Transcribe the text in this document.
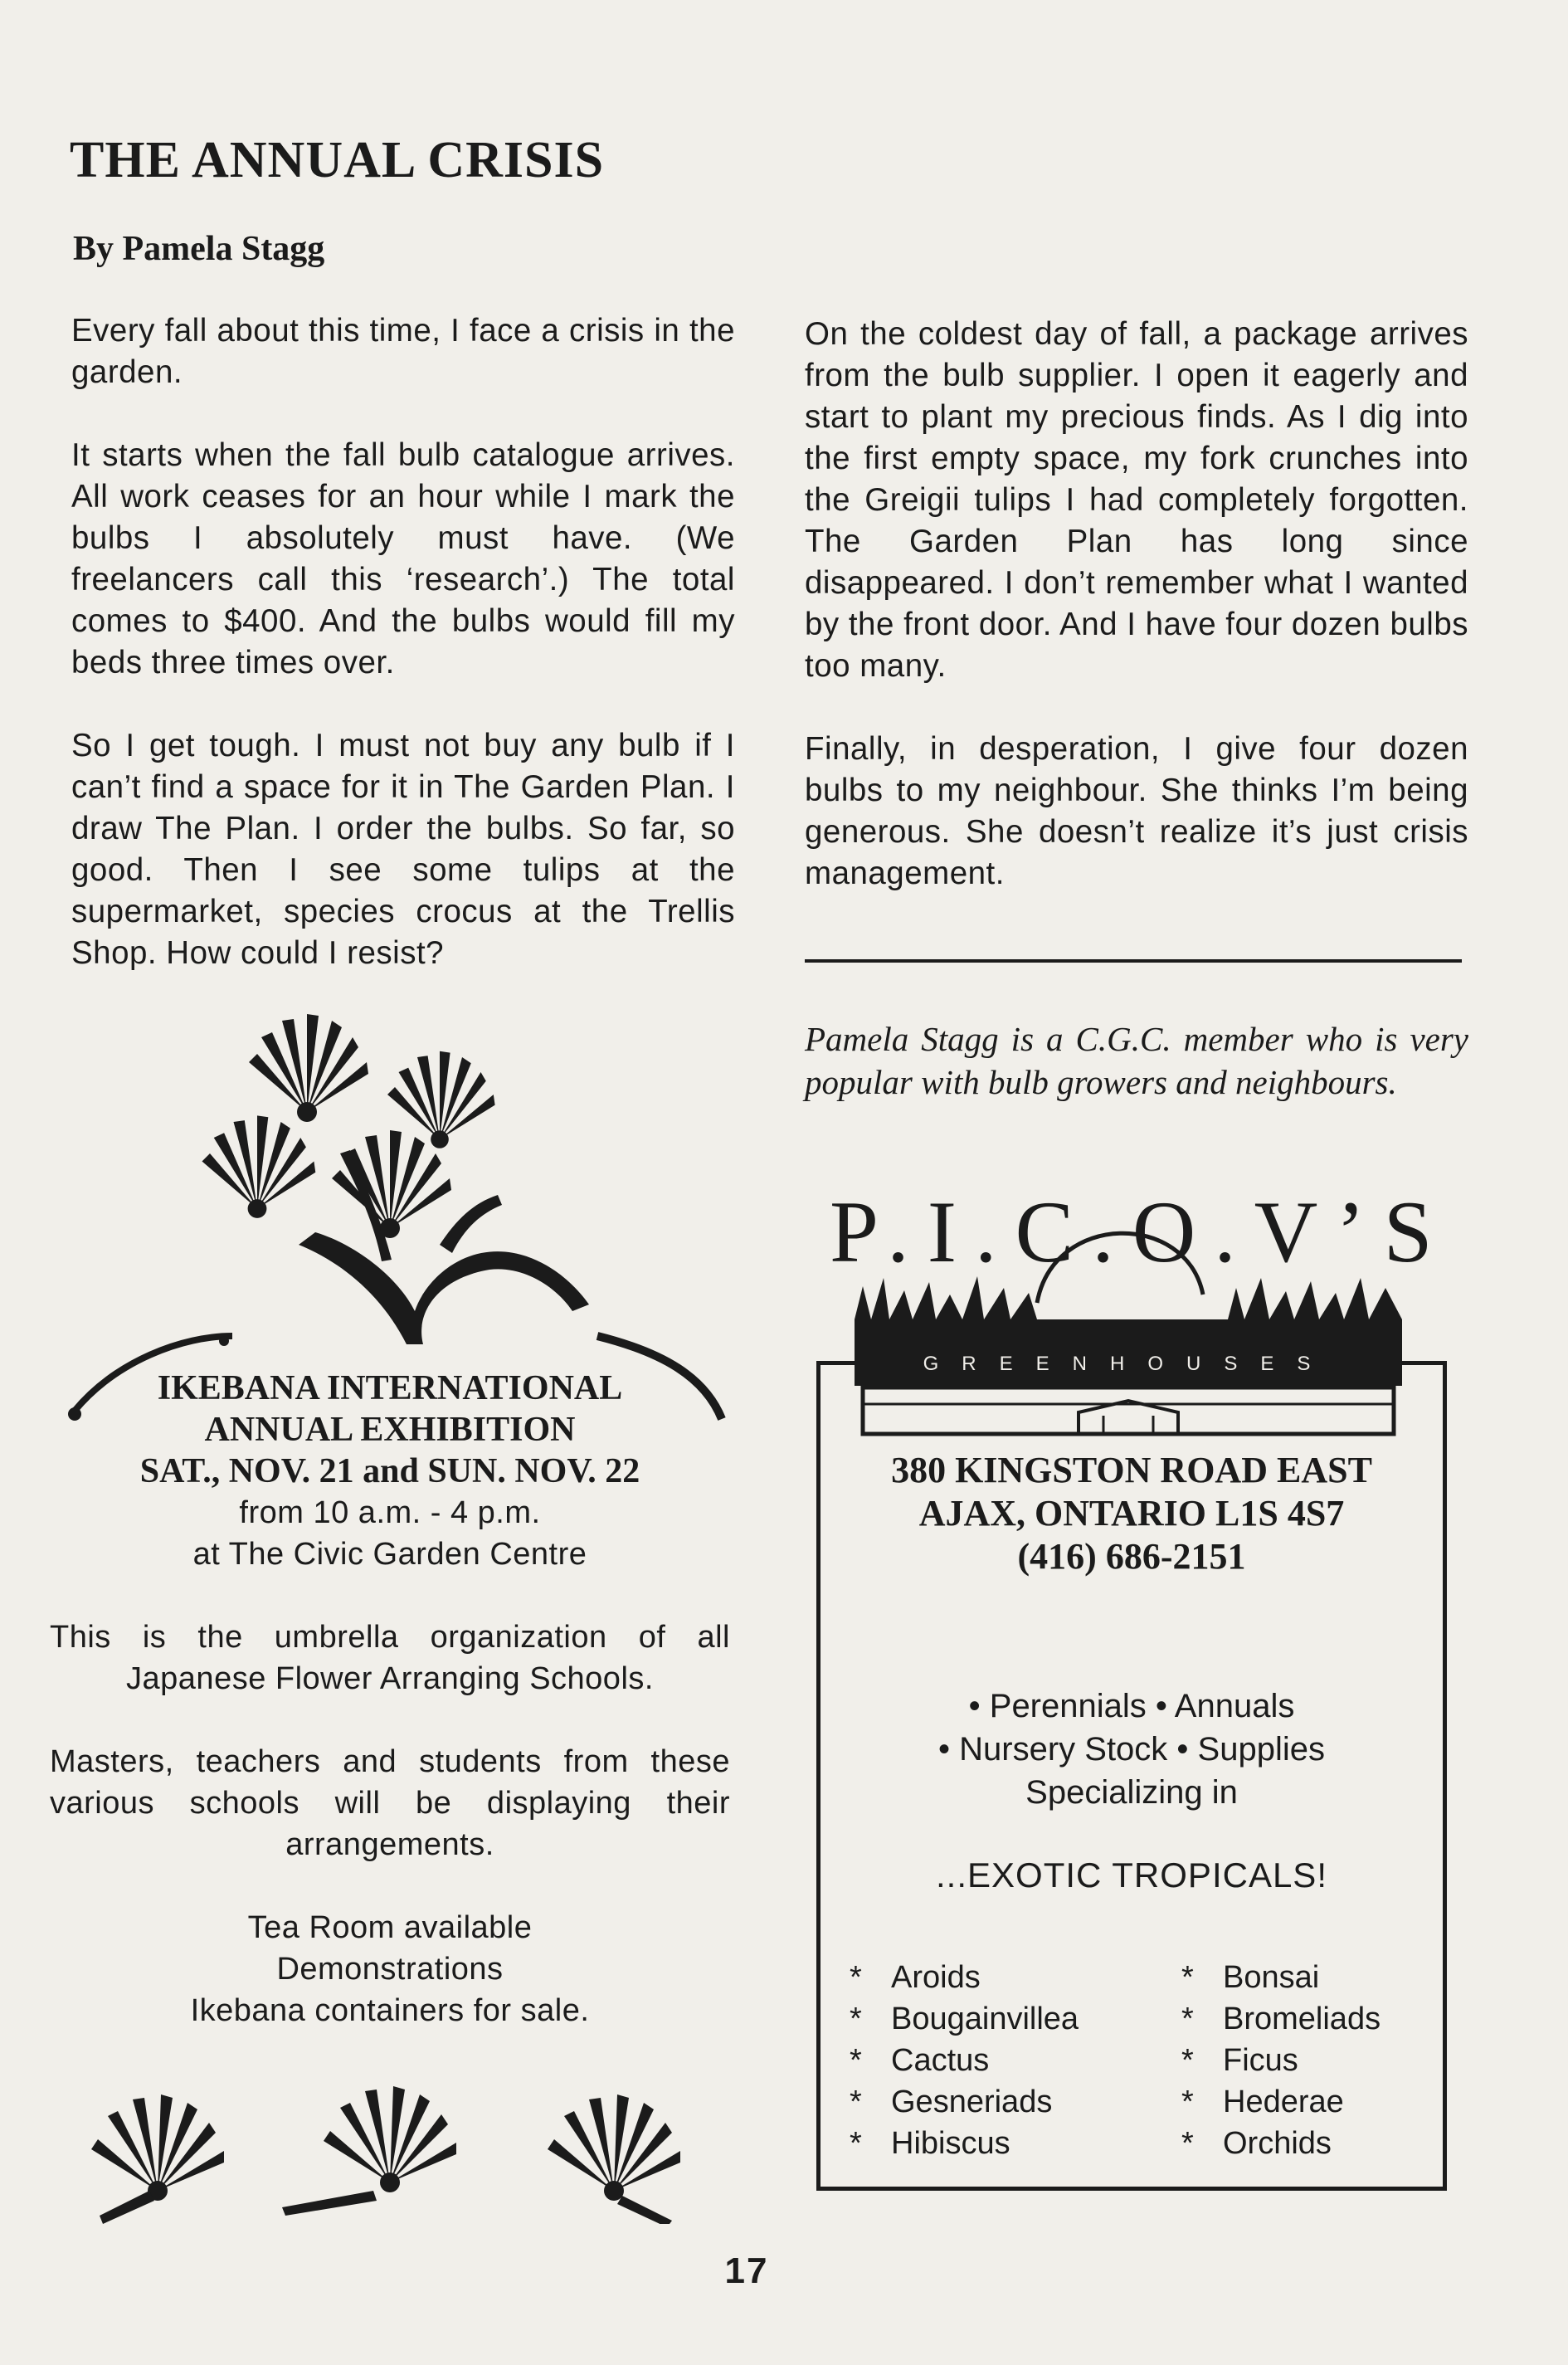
THE ANNUAL CRISIS

By Pamela Stagg

Every fall about this time, I face a crisis in the garden.

It starts when the fall bulb catalogue arrives. All work ceases for an hour while I mark the bulbs I absolutely must have. (We freelancers call this ‘research’.) The total comes to $400. And the bulbs would fill my beds three times over.

So I get tough. I must not buy any bulb if I can’t find a space for it in The Garden Plan. I draw The Plan. I order the bulbs. So far, so good. Then I see some tulips at the supermarket, species crocus at the Trellis Shop. How could I resist?

On the coldest day of fall, a package arrives from the bulb supplier. I open it eagerly and start to plant my precious finds. As I dig into the first empty space, my fork crunches into the Greigii tulips I had completely forgotten. The Garden Plan has long since disappeared. I don’t remember what I wanted by the front door. And I have four dozen bulbs too many.

Finally, in desperation, I give four dozen bulbs to my neighbour. She thinks I’m being generous. She doesn’t realize it’s just crisis management.

Pamela Stagg is a C.G.C. member who is very popular with bulb growers and neighbours.

IKEBANA INTERNATIONAL

ANNUAL EXHIBITION

SAT., NOV. 21 and SUN. NOV. 22

from 10 a.m. - 4 p.m.

at The Civic Garden Centre

This is the umbrella organization of all Japanese Flower Arranging Schools.

Masters, teachers and students from these various schools will be displaying their arrangements.

Tea Room available

Demonstrations

Ikebana containers for sale.

P.I.C.O.V’S
GREENHOUSES

380 KINGSTON ROAD EAST

AJAX, ONTARIO L1S 4S7

(416) 686-2151

• Perennials • Annuals

• Nursery Stock • Supplies

Specializing in

...EXOTIC TROPICALS!

* Aroids	* Bonsai
* Bougainvillea	* Bromeliads
* Cactus	* Ficus
* Gesneriads	* Hederae
* Hibiscus	* Orchids
17
